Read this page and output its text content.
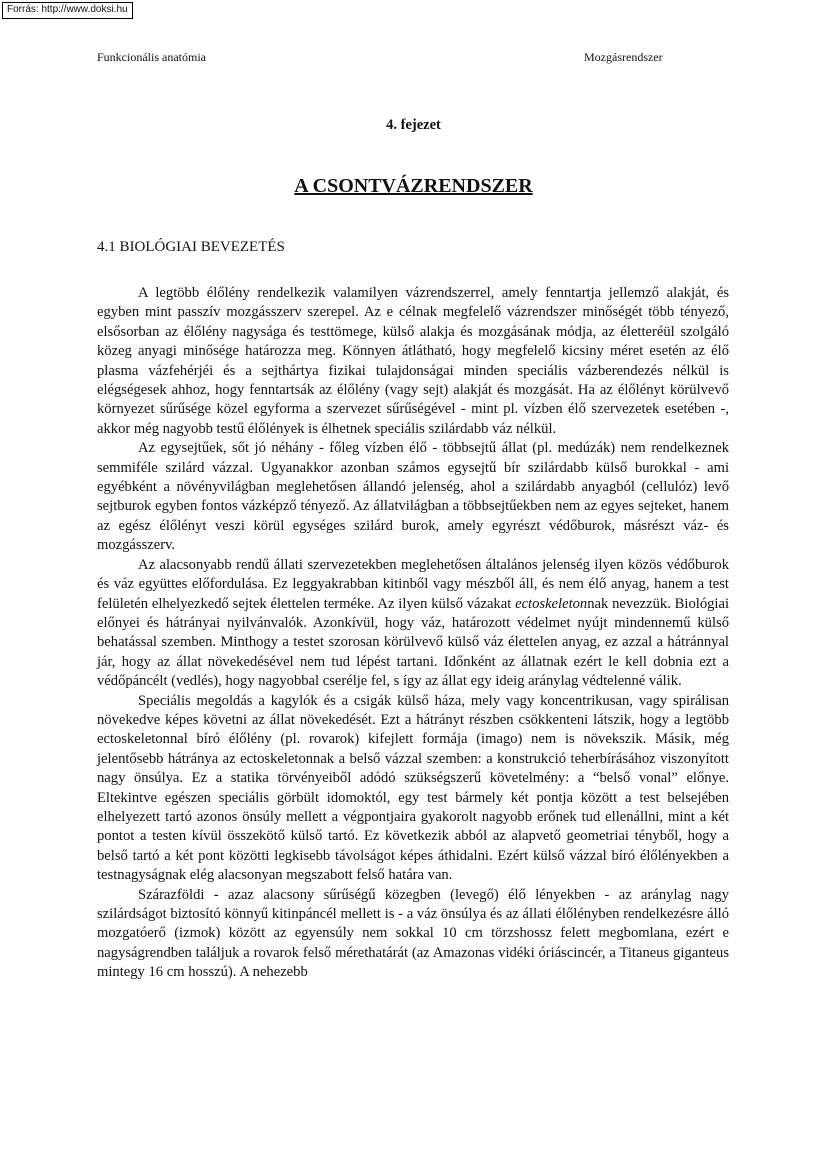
Forrás: http://www.doksi.hu
Funkcionális anatómia	Mozgásrendszer
4. fejezet
A CSONTVÁZRENDSZER
4.1 BIOLÓGIAI BEVEZETÉS

A legtöbb élőlény rendelkezik valamilyen vázrendszerrel, amely fenntartja jellemző alakját, és egyben mint passzív mozgásszerv szerepel. Az e célnak megfelelő vázrendszer minőségét több tényező, elsősorban az élőlény nagysága és testtömege, külső alakja és mozgásának módja, az életteréül szolgáló közeg anyagi minősége határozza meg. Könnyen átlátható, hogy megfelelő kicsiny méret esetén az élő plasma vázfehérjéi és a sejthártya fizikai tulajdonságai minden speciális vázberendezés nélkül is elégségesek ahhoz, hogy fenntartsák az élőlény (vagy sejt) alakját és mozgását. Ha az élőlényt körülvevő környezet sűrűsége közel egyforma a szervezet sűrűségével - mint pl. vízben élő szervezetek esetében -, akkor még nagyobb testű élőlények is élhetnek speciális szilárdabb váz nélkül.

Az egysejtűek, sőt jó néhány - főleg vízben élő - többsejtű állat (pl. medúzák) nem rendelkeznek semmiféle szilárd vázzal. Ugyanakkor azonban számos egysejtű bír szilárdabb külső burokkal - ami egyébként a növényvilágban meglehetősen állandó jelenség, ahol a szilárdabb anyagból (cellulóz) levő sejtburok egyben fontos vázképző tényező. Az állatvilágban a többsejtűekben nem az egyes sejteket, hanem az egész élőlényt veszi körül egységes szilárd burok, amely egyrészt védőburok, másrészt váz- és mozgásszerv.

Az alacsonyabb rendű állati szervezetekben meglehetősen általános jelenség ilyen közös védőburok és váz együttes előfordulása. Ez leggyakrabban kitinből vagy mészből áll, és nem élő anyag, hanem a test felületén elhelyezkedő sejtek élettelen terméke. Az ilyen külső vázakat ectoskeletonnak nevezzük. Biológiai előnyei és hátrányai nyilvánvalók. Azonkívül, hogy váz, határozott védelmet nyújt mindennemű külső behatással szemben. Minthogy a testet szorosan körülvevő külső váz élettelen anyag, ez azzal a hátránnyal jár, hogy az állat növekedésével nem tud lépést tartani. Időnként az állatnak ezért le kell dobnia ezt a védőpáncélt (vedlés), hogy nagyobbal cserélje fel, s így az állat egy ideig aránylag védtelenné válik.

Speciális megoldás a kagylók és a csigák külső háza, mely vagy koncentrikusan, vagy spirálisan növekedve képes követni az állat növekedését. Ezt a hátrányt részben csökkenteni látszik, hogy a legtöbb ectoskeletonnal bíró élőlény (pl. rovarok) kifejlett formája (imago) nem is növekszik. Másik, még jelentősebb hátránya az ectoskeletonnak a belső vázzal szemben: a konstrukció teherbírásához viszonyított nagy önsúlya. Ez a statika törvényeiből adódó szükségszerű követelmény: a “belső vonal” előnye. Eltekintve egészen speciális görbült idomoktól, egy test bármely két pontja között a test belsejében elhelyezett tartó azonos önsúly mellett a végpontjaira gyakorolt nagyobb erőnek tud ellenállni, mint a két pontot a testen kívül összekötő külső tartó. Ez következik abból az alapvető geometriai tényből, hogy a belső tartó a két pont közötti legkisebb távolságot képes áthidalni. Ezért külső vázzal bíró élőlényekben a testnagyságnak elég alacsonyan megszabott felső határa van.

Szárazföldi - azaz alacsony sűrűségű közegben (levegő) élő lényekben - az aránylag nagy szilárdságot biztosító könnyű kitinpáncél mellett is - a váz önsúlya és az állati élőlényben rendelkezésre álló mozgatóerő (izmok) között az egyensúly nem sokkal 10 cm törzshossz felett megbomlana, ezért e nagyságrendben találjuk a rovarok felső mérethatárát (az Amazonas vidéki óriáscincér, a Titaneus giganteus mintegy 16 cm hosszú). A nehezebb
